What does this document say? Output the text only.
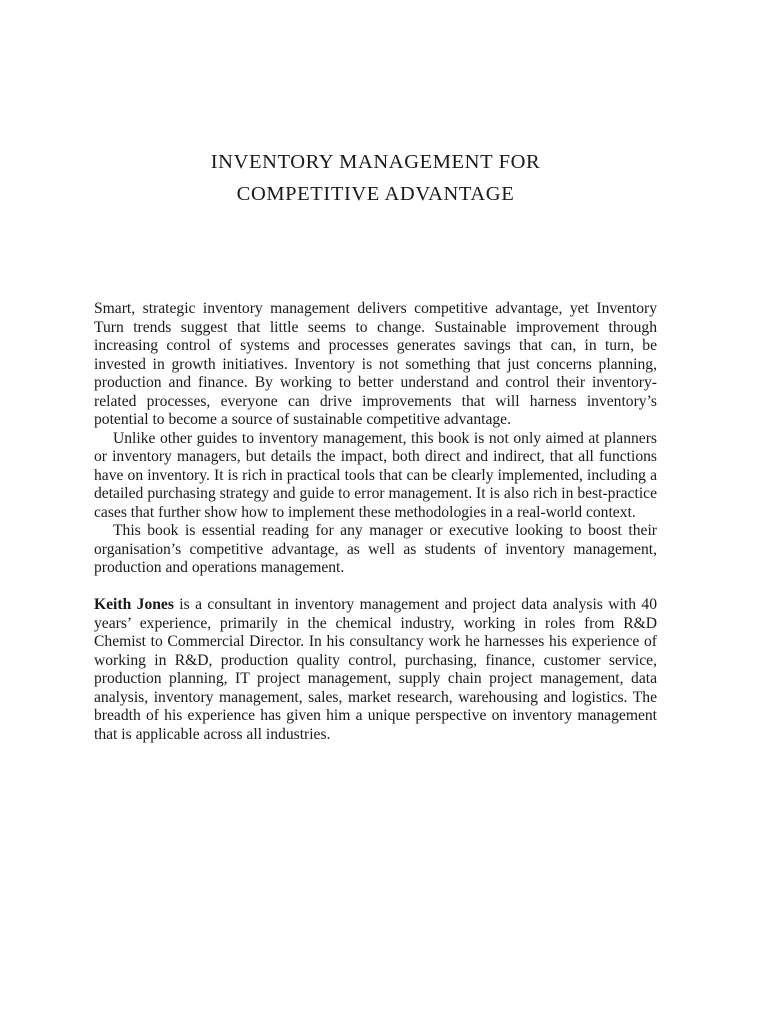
INVENTORY MANAGEMENT FOR
COMPETITIVE ADVANTAGE

Smart, strategic inventory management delivers competitive advantage, yet Inventory Turn trends suggest that little seems to change. Sustainable improvement through increasing control of systems and processes generates savings that can, in turn, be invested in growth initiatives. Inventory is not something that just concerns planning, production and finance. By working to better understand and control their inventory-related processes, everyone can drive improvements that will harness inventory’s potential to become a source of sustainable competitive advantage.

Unlike other guides to inventory management, this book is not only aimed at planners or inventory managers, but details the impact, both direct and indirect, that all functions have on inventory. It is rich in practical tools that can be clearly implemented, including a detailed purchasing strategy and guide to error management. It is also rich in best-practice cases that further show how to implement these methodologies in a real-world context.

This book is essential reading for any manager or executive looking to boost their organisation’s competitive advantage, as well as students of inventory management, production and operations management.

Keith Jones is a consultant in inventory management and project data analysis with 40 years’ experience, primarily in the chemical industry, working in roles from R&D Chemist to Commercial Director. In his consultancy work he harnesses his experience of working in R&D, production quality control, purchasing, finance, customer service, production planning, IT project management, supply chain project management, data analysis, inventory management, sales, market research, warehousing and logistics. The breadth of his experience has given him a unique perspective on inventory management that is applicable across all industries.
